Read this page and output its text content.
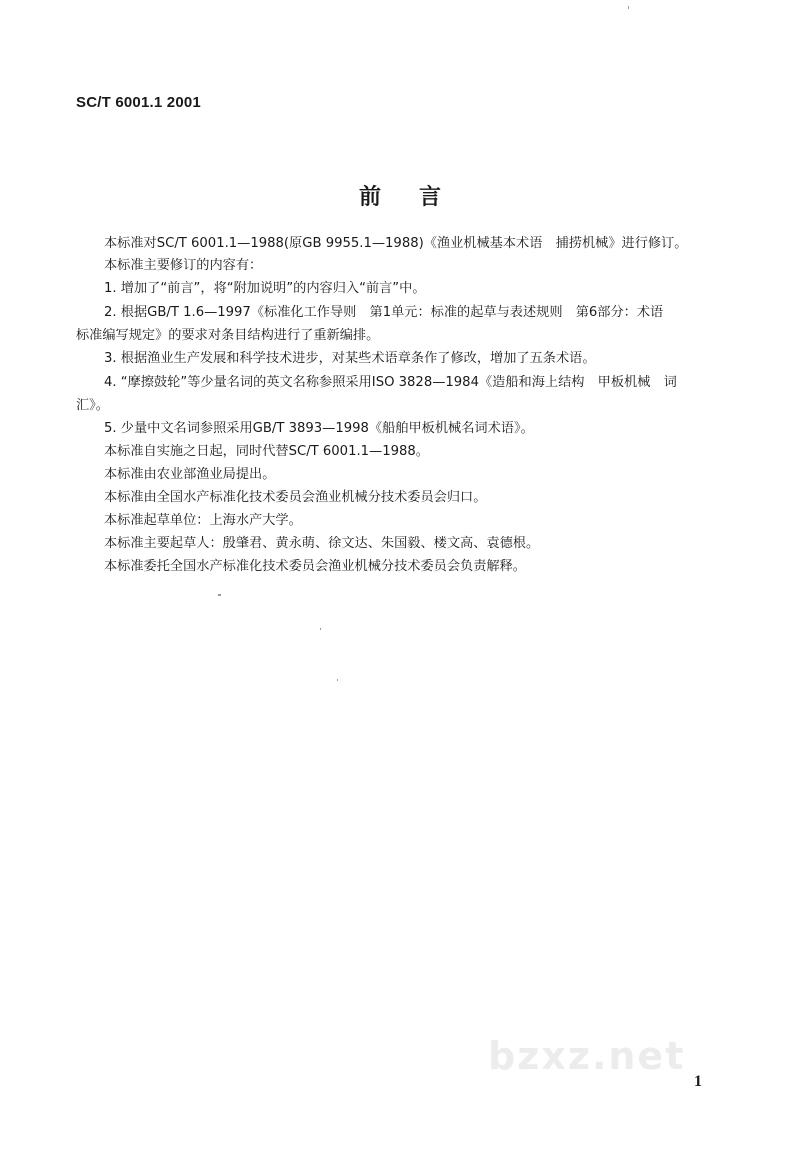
SC/T 6001.1 2001
前言
本标准对SC/T 6001.1—1988(原GB 9955.1—1988)《渔业机械基本术语　捕捞机械》进行修订。
本标准主要修订的内容有：
1. 增加了“前言”，将“附加说明”的内容归入“前言”中。
2. 根据GB/T 1.6—1997《标准化工作导则　第1单元：标准的起草与表述规则　第6部分：术语
标准编写规定》的要求对条目结构进行了重新编排。
3. 根据渔业生产发展和科学技术进步，对某些术语章条作了修改，增加了五条术语。
4. “摩擦鼓轮”等少量名词的英文名称参照采用ISO 3828—1984《造船和海上结构　甲板机械　词
汇》。
5. 少量中文名词参照采用GB/T 3893—1998《船舶甲板机械名词术语》。
本标准自实施之日起，同时代替SC/T 6001.1—1988。
本标准由农业部渔业局提出。
本标准由全国水产标准化技术委员会渔业机械分技术委员会归口。
本标准起草单位：上海水产大学。
本标准主要起草人：殷肇君、黄永萌、徐文达、朱国毅、楼文高、袁德根。
本标准委托全国水产标准化技术委员会渔业机械分技术委员会负责解释。
bzxz.net
1
